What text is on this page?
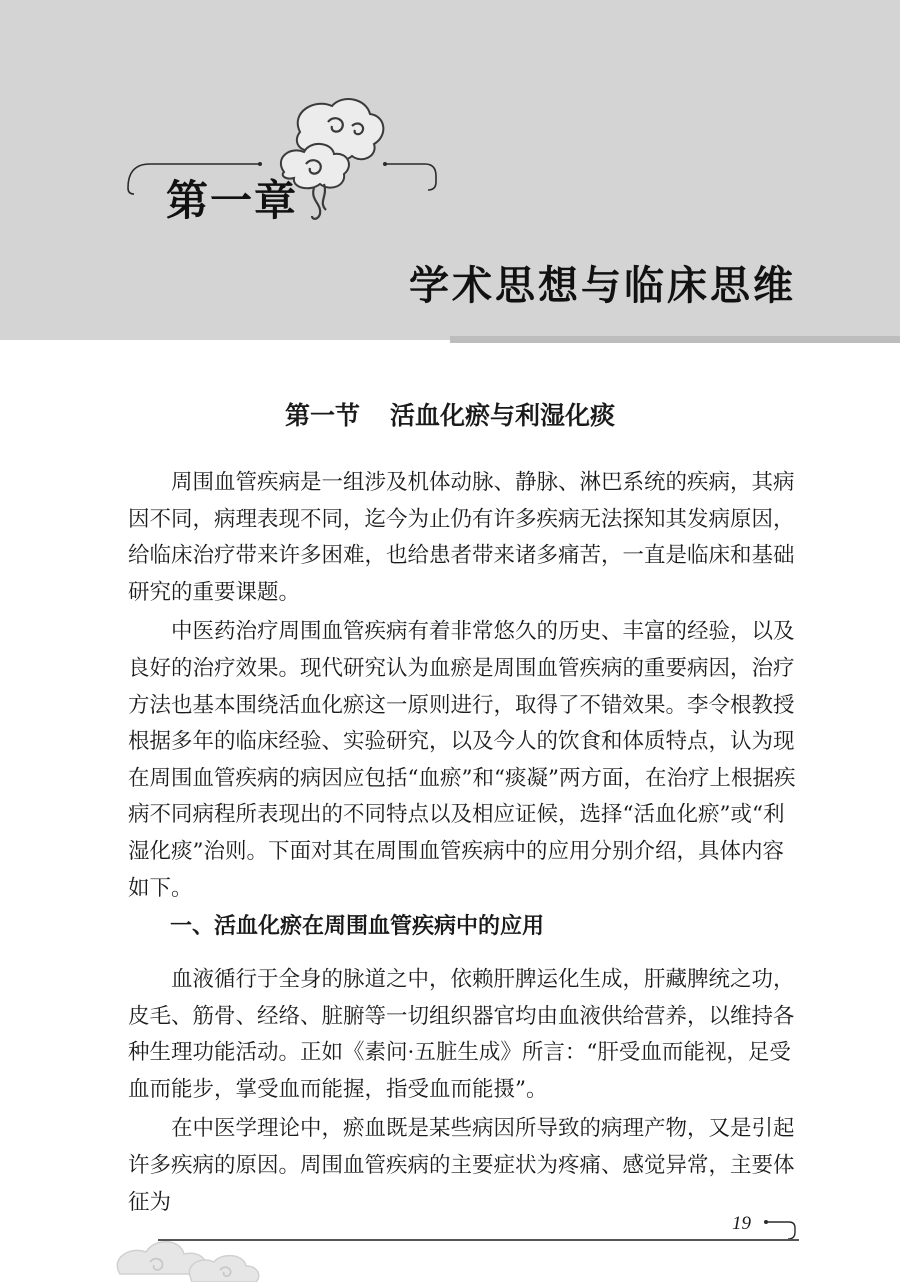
第一章
学术思想与临床思维
第一节 活血化瘀与利湿化痰

周围血管疾病是一组涉及机体动脉、静脉、淋巴系统的疾病，其病因不同，病理表现不同，迄今为止仍有许多疾病无法探知其发病原因，给临床治疗带来许多困难，也给患者带来诸多痛苦，一直是临床和基础研究的重要课题。

中医药治疗周围血管疾病有着非常悠久的历史、丰富的经验，以及良好的治疗效果。现代研究认为血瘀是周围血管疾病的重要病因，治疗方法也基本围绕活血化瘀这一原则进行，取得了不错效果。李令根教授根据多年的临床经验、实验研究，以及今人的饮食和体质特点，认为现在周围血管疾病的病因应包括“血瘀”和“痰凝”两方面，在治疗上根据疾病不同病程所表现出的不同特点以及相应证候，选择“活血化瘀”或“利湿化痰”治则。下面对其在周围血管疾病中的应用分别介绍，具体内容如下。

一、活血化瘀在周围血管疾病中的应用

血液循行于全身的脉道之中，依赖肝脾运化生成，肝藏脾统之功，皮毛、筋骨、经络、脏腑等一切组织器官均由血液供给营养，以维持各种生理功能活动。正如《素问·五脏生成》所言：“肝受血而能视，足受血而能步，掌受血而能握，指受血而能摄”。

在中医学理论中，瘀血既是某些病因所导致的病理产物，又是引起许多疾病的原因。周围血管疾病的主要症状为疼痛、感觉异常，主要体征为

19
